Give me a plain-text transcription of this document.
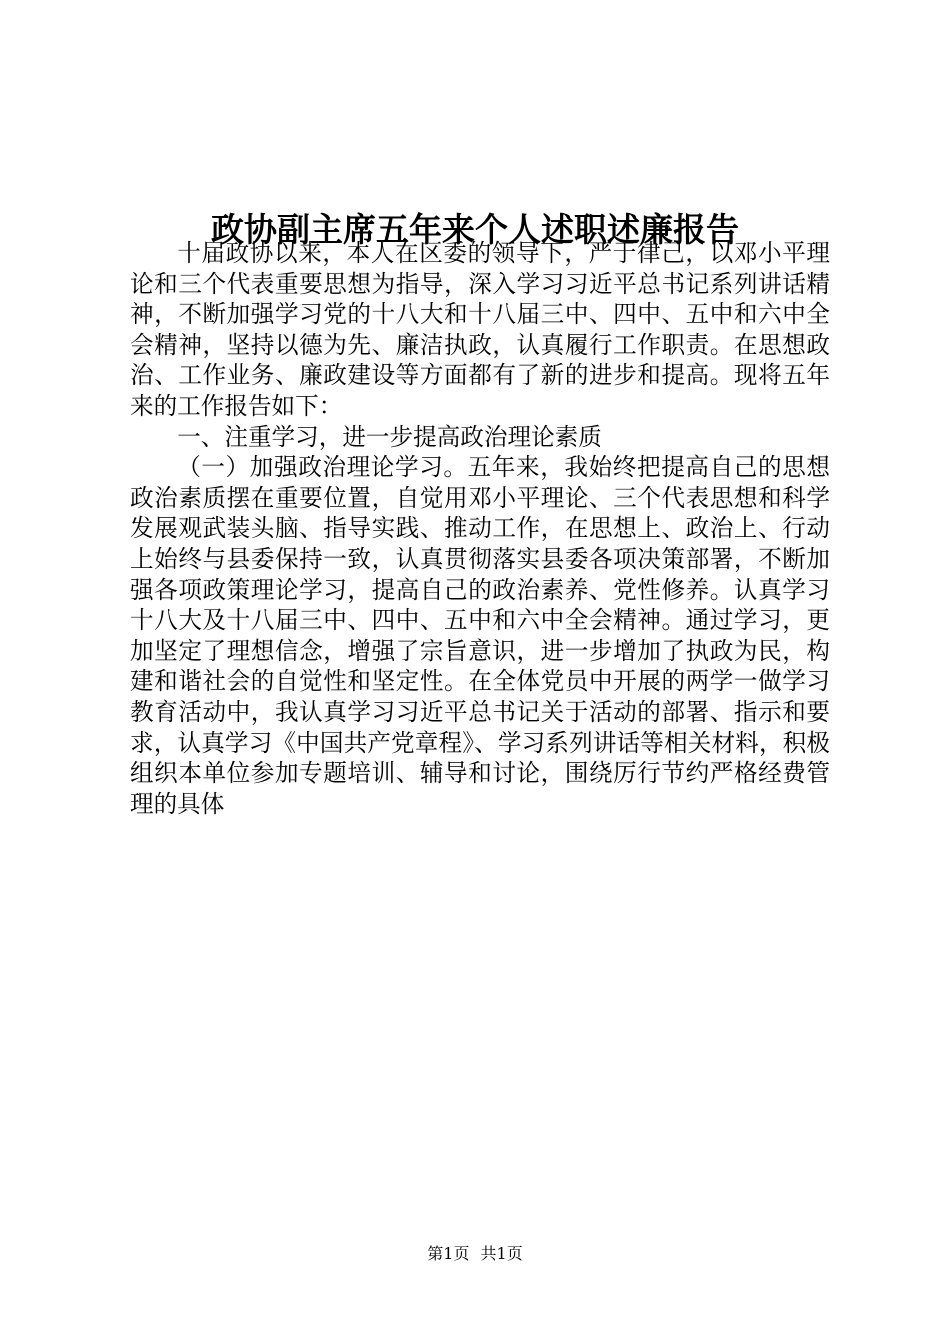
政协副主席五年来个人述职述廉报告

十届政协以来，本人在区委的领导下，严于律己，以邓小平理论和三个代表重要思想为指导，深入学习习近平总书记系列讲话精神，不断加强学习党的十八大和十八届三中、四中、五中和六中全会精神，坚持以德为先、廉洁执政，认真履行工作职责。在思想政治、工作业务、廉政建设等方面都有了新的进步和提高。现将五年来的工作报告如下：

一、注重学习，进一步提高政治理论素质

（一）加强政治理论学习。五年来，我始终把提高自己的思想政治素质摆在重要位置，自觉用邓小平理论、三个代表思想和科学发展观武装头脑、指导实践、推动工作，在思想上、政治上、行动上始终与县委保持一致，认真贯彻落实县委各项决策部署，不断加强各项政策理论学习，提高自己的政治素养、党性修养。认真学习十八大及十八届三中、四中、五中和六中全会精神。通过学习，更加坚定了理想信念，增强了宗旨意识，进一步增加了执政为民，构建和谐社会的自觉性和坚定性。在全体党员中开展的两学一做学习教育活动中，我认真学习习近平总书记关于活动的部署、指示和要求，认真学习《中国共产党章程》、学习系列讲话等相关材料，积极组织本单位参加专题培训、辅导和讨论，围绕厉行节约严格经费管理的具体

第1页 共1页
